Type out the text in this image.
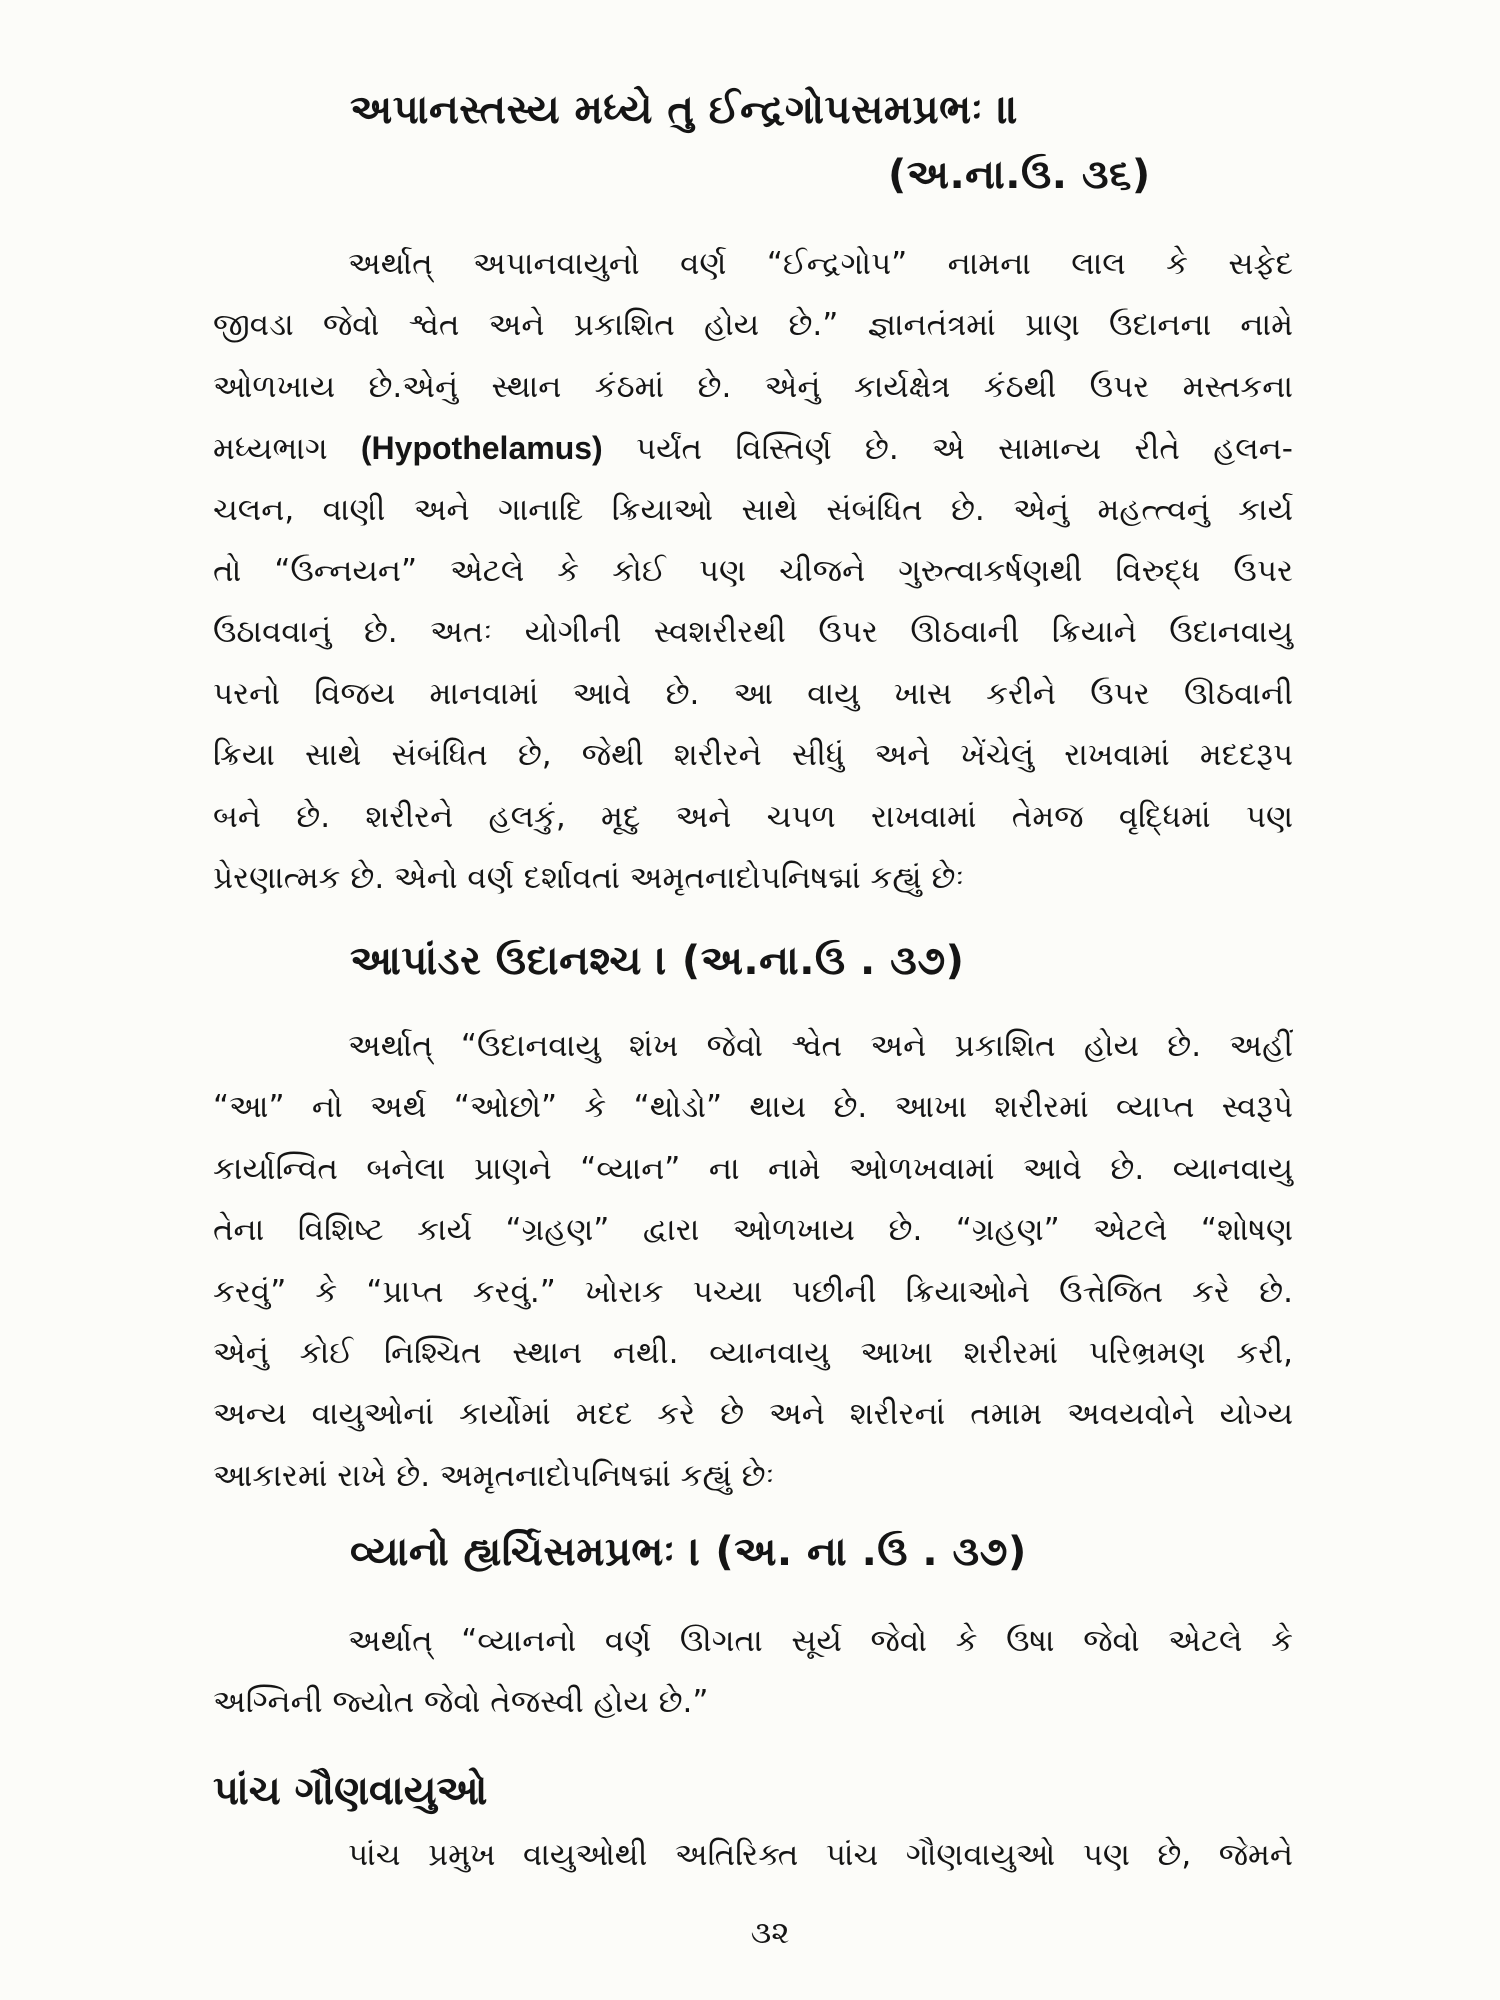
અપાનસ્તસ્ય મધ્યે તુ ઈન્દ્રગોપસમપ્રભઃ ॥
(અ.ના.ઉ. ૩૬)
અર્થાત્ અપાનવાયુનો વર્ણ “ઈન્દ્રગોપ” નામના લાલ કે સફેદ
જીવડા જેવો શ્વેત અને પ્રકાશિત હોય છે.” જ્ઞાનતંત્રમાં પ્રાણ ઉદાનના નામે
ઓળખાય છે.એનું સ્થાન કંઠમાં છે. એનું કાર્યક્ષેત્ર કંઠથી ઉપર મસ્તકના
મધ્યભાગ (Hypothelamus) પર્યંત વિસ્તિર્ણ છે. એ સામાન્ય રીતે હલન-
ચલન, વાણી અને ગાનાદિ ક્રિયાઓ સાથે સંબંધિત છે. એનું મહત્ત્વનું કાર્ય
તો “ઉન્નયન” એટલે કે કોઈ પણ ચીજને ગુરુત્વાકર્ષણથી વિરુદ્ધ ઉપર
ઉઠાવવાનું છે. અતઃ યોગીની સ્વશરીરથી ઉપર ઊઠવાની ક્રિયાને ઉદાનવાયુ
પરનો વિજય માનવામાં આવે છે. આ વાયુ ખાસ કરીને ઉપર ઊઠવાની
ક્રિયા સાથે સંબંધિત છે, જેથી શરીરને સીધું અને ખેંચેલું રાખવામાં મદદરૂપ
બને છે. શરીરને હલકું, મૃદુ અને ચપળ રાખવામાં તેમજ વૃદ્ધિમાં પણ
પ્રેરણાત્મક છે. એનો વર્ણ દર્શાવતાં અમૃતનાદોપનિષદ્માં કહ્યું છેઃ
આપાંડર ઉદાનશ્ચ । (અ.ના.ઉ . ૩૭)
અર્થાત્ “ઉદાનવાયુ શંખ જેવો શ્વેત અને પ્રકાશિત હોય છે. અહીં
“આ” નો અર્થ “ઓછો” કે “થોડો” થાય છે. આખા શરીરમાં વ્યાપ્ત સ્વરૂપે
કાર્યાન્વિત બનેલા પ્રાણને “વ્યાન” ના નામે ઓળખવામાં આવે છે. વ્યાનવાયુ
તેના વિશિષ્ટ કાર્ય “ગ્રહણ” દ્વારા ઓળખાય છે. “ગ્રહણ” એટલે “શોષણ
કરવું” કે “પ્રાપ્ત કરવું.” ખોરાક પચ્યા પછીની ક્રિયાઓને ઉત્તેજિત કરે છે.
એનું કોઈ નિશ્ચિત સ્થાન નથી. વ્યાનવાયુ આખા શરીરમાં પરિભ્રમણ કરી,
અન્ય વાયુઓનાં કાર્યોમાં મદદ કરે છે અને શરીરનાં તમામ અવયવોને યોગ્ય
આકારમાં રાખે છે. અમૃતનાદોપનિષદ્માં કહ્યું છેઃ
વ્યાનો હ્યર્ચિસમપ્રભઃ । (અ. ના .ઉ . ૩૭)
અર્થાત્ “વ્યાનનો વર્ણ ઊગતા સૂર્ય જેવો કે ઉષા જેવો એટલે કે
અગ્નિની જ્યોત જેવો તેજસ્વી હોય છે.”
પાંચ ગૌણવાયુઓ
પાંચ પ્રમુખ વાયુઓથી અતિરિક્ત પાંચ ગૌણવાયુઓ પણ છે, જેમને
૩૨
